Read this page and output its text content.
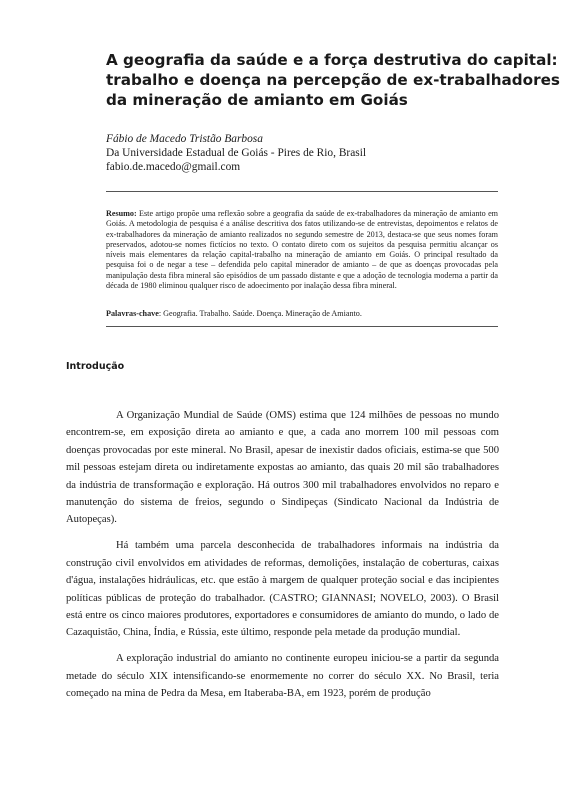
A geografia da saúde e a força destrutiva do capital:
trabalho e doença na percepção de ex-trabalhadores
da mineração de amianto em Goiás
Fábio de Macedo Tristão Barbosa
Da Universidade Estadual de Goiás - Pires de Rio, Brasil
fabio.de.macedo@gmail.com
Resumo: Este artigo propõe uma reflexão sobre a geografia da saúde de ex-trabalhadores da mineração de amianto em Goiás. A metodologia de pesquisa é a análise descritiva dos fatos utilizando-se de entrevistas, depoimentos e relatos de ex-trabalhadores da mineração de amianto realizados no segundo semestre de 2013, destaca-se que seus nomes foram preservados, adotou-se nomes fictícios no texto. O contato direto com os sujeitos da pesquisa permitiu alcançar os níveis mais elementares da relação capital-trabalho na mineração de amianto em Goiás. O principal resultado da pesquisa foi o de negar a tese – defendida pelo capital minerador de amianto – de que as doenças provocadas pela manipulação desta fibra mineral são episódios de um passado distante e que a adoção de tecnologia moderna a partir da década de 1980 eliminou qualquer risco de adoecimento por inalação dessa fibra mineral.
Palavras-chave: Geografia. Trabalho. Saúde. Doença. Mineração de Amianto.
Introdução

A Organização Mundial de Saúde (OMS) estima que 124 milhões de pessoas no mundo encontrem-se, em exposição direta ao amianto e que, a cada ano morrem 100 mil pessoas com doenças provocadas por este mineral. No Brasil, apesar de inexistir dados oficiais, estima-se que 500 mil pessoas estejam direta ou indiretamente expostas ao amianto, das quais 20 mil são trabalhadores da indústria de transformação e exploração. Há outros 300 mil trabalhadores envolvidos no reparo e manutenção do sistema de freios, segundo o Sindipeças (Sindicato Nacional da Indústria de Autopeças).

Há também uma parcela desconhecida de trabalhadores informais na indústria da construção civil envolvidos em atividades de reformas, demolições, instalação de coberturas, caixas d'água, instalações hidráulicas, etc. que estão à margem de qualquer proteção social e das incipientes políticas públicas de proteção do trabalhador. (CASTRO; GIANNASI; NOVELO, 2003). O Brasil está entre os cinco maiores produtores, exportadores e consumidores de amianto do mundo, o lado de Cazaquistão, China, Índia, e Rússia, este último, responde pela metade da produção mundial.

A exploração industrial do amianto no continente europeu iniciou-se a partir da segunda metade do século XIX intensificando-se enormemente no correr do século XX. No Brasil, teria começado na mina de Pedra da Mesa, em Itaberaba-BA, em 1923, porém de produção
